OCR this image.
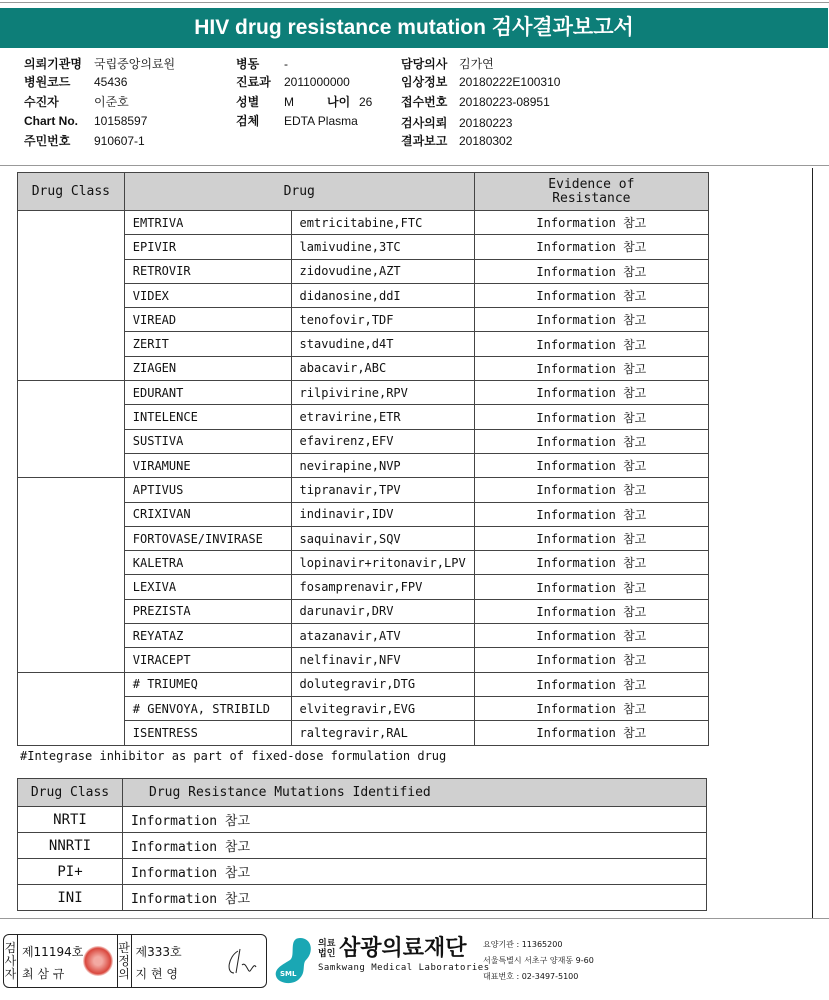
HIV drug resistance mutation 검사결과보고서
의뢰기관명 국립중앙의료원
병원코드 45436
수진자	이준호
Chart No. 10158597
주민번호 910607-1
병동 -
진료과 2011000000
성별 M
검체 EDTA Plasma
나이 26
담당의사 김가연
임상정보 20180222E100310
접수번호 20180223-08951
검사의뢰 20180223
결과보고 20180302
Drug Class	Drug		Evidence of Resistance
	EMTRIVA	emtricitabine,FTC	Information 참고
	EPIVIR	lamivudine,3TC	Information 참고
	RETROVIR	zidovudine,AZT	Information 참고
	VIDEX	didanosine,ddI	Information 참고
	VIREAD	tenofovir,TDF	Information 참고
	ZERIT	stavudine,d4T	Information 참고
	ZIAGEN	abacavir,ABC	Information 참고
	EDURANT	rilpivirine,RPV	Information 참고
	INTELENCE	etravirine,ETR	Information 참고
	SUSTIVA	efavirenz,EFV	Information 참고
	VIRAMUNE	nevirapine,NVP	Information 참고
	APTIVUS	tipranavir,TPV	Information 참고
	CRIXIVAN	indinavir,IDV	Information 참고
	FORTOVASE/INVIRASE	saquinavir,SQV	Information 참고
	KALETRA	lopinavir+ritonavir,LPV	Information 참고
	LEXIVA	fosamprenavir,FPV	Information 참고
	PREZISTA	darunavir,DRV	Information 참고
	REYATAZ	atazanavir,ATV	Information 참고
	VIRACEPT	nelfinavir,NFV	Information 참고
	# TRIUMEQ	dolutegravir,DTG	Information 참고
	# GENVOYA, STRIBILD	elvitegravir,EVG	Information 참고
	ISENTRESS	raltegravir,RAL	Information 참고
#Integrase inhibitor as part of fixed-dose formulation drug
Drug Class	Drug Resistance Mutations Identified
NRTI	Information 참고
NNRTI	Information 참고
PI+	Information 참고
INI	Information 참고
검사자
제11194호
최 삼 규
판정의
제333호
지 현 영	SML
의료법인 삼광의료재단
Samkwang Medical Laboratories
요양기관 : 11365200
서울특별시 서초구 양재동 9-60
대표번호 : 02-3497-5100
